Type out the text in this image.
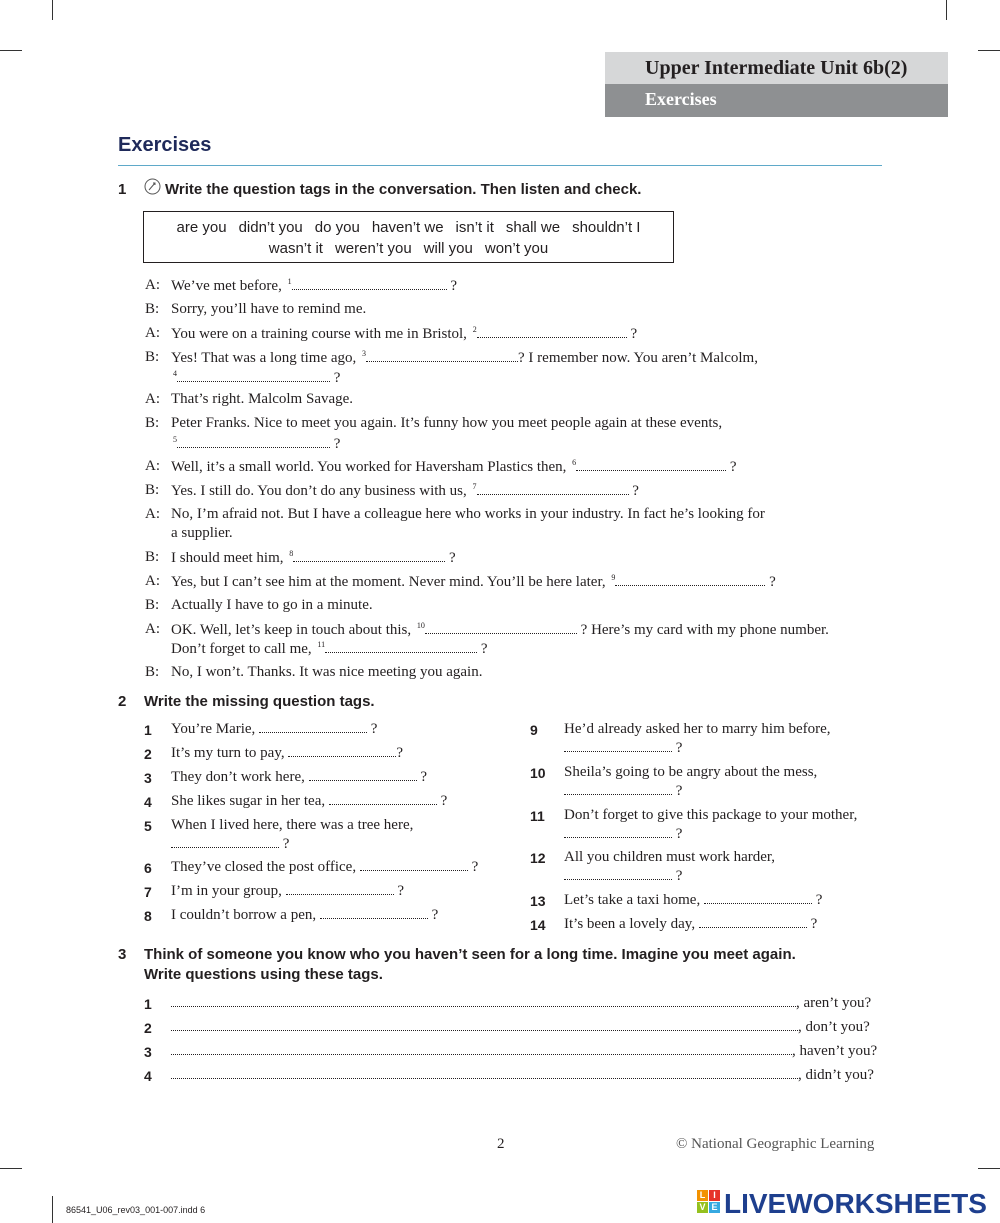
Upper Intermediate Unit 6b(2)
Exercises
Exercises
1	Write the question tags in the conversation. Then listen and check.
are you didn’t you do you haven’t we isn’t it shall we shouldn’t I
wasn’t it weren’t you will you won’t you
A: We’ve met before, $^1$	?
B: Sorry, you’ll have to remind me.
A: You were on a training course with me in Bristol, $^2$	?
B: Yes! That was a long time ago, $^3$	? I remember now. You aren’t Malcolm,
$^4$	?
A: That’s right. Malcolm Savage.
B: Peter Franks. Nice to meet you again. It’s funny how you meet people again at these events,
$^5$	?
A: Well, it’s a small world. You worked for Haversham Plastics then, $^6$	?
B: Yes. I still do. You don’t do any business with us, $^7$	?
A: No, I’m afraid not. But I have a colleague here who works in your industry. In fact he’s looking for
a supplier.
B: I should meet him, $^8$	?
A: Yes, but I can’t see him at the moment. Never mind. You’ll be here later, $^9$	?
B: Actually I have to go in a minute.
A: OK. Well, let’s keep in touch about this, $^{10}$	? Here’s my card with my phone number.
Don’t forget to call me, $^{11}$	?
B: No, I won’t. Thanks. It was nice meeting you again.
2 Write the missing question tags.
1 You’re Marie,	?
2 It’s my turn to pay,	?
3 They don’t work here,	?
4 She likes sugar in her tea,	?
5 When I lived here, there was a tree here,
?
6 They’ve closed the post office,	?
7 I’m in your group,	?
8 I couldn’t borrow a pen,	?
9 He’d already asked her to marry him before,
?
10 Sheila’s going to be angry about the mess,
?
11 Don’t forget to give this package to your mother,
?
12 All you children must work harder,
?
13 Let’s take a taxi home,	?
14 It’s been a lovely day,	?
3 Think of someone you know who you haven’t seen for a long time. Imagine you meet again.
Write questions using these tags.
1	, aren’t you?
2	, don’t you?
3	, haven’t you?
4	, didn’t you?
2	© National Geographic Learning
86541_U06_rev03_001-007.indd 6
L I
V E LIVEWORKSHEETS
